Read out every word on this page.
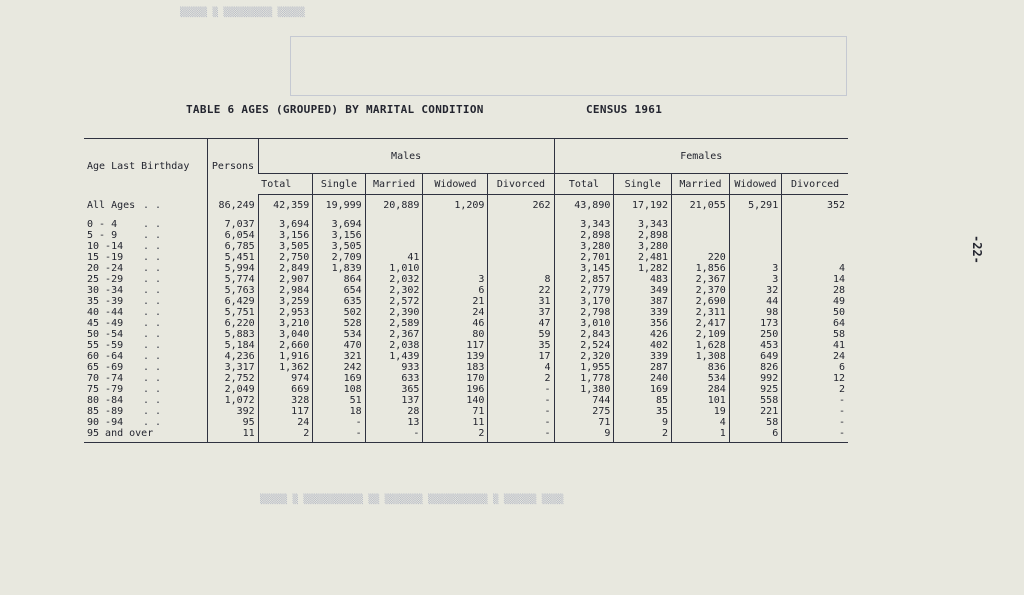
▒▒▒▒▒ ▒ ▒▒▒▒▒▒▒▒▒ ▒▒▒▒▒
▒▒▒▒▒ ▒ ▒▒▒▒▒▒▒▒▒▒▒ ▒▒ ▒▒▒▒▒▒▒ ▒▒▒▒▒▒▒▒▒▒▒ ▒ ▒▒▒▒▒▒ ▒▒▒▒
-22-
TABLE 6 AGES (GROUPED) BY MARITAL CONDITION	CENSUS 1961
Age Last Birthday	Persons	Males					Females				
		Total	Single	Married	Widowed	Divorced	Total	Single	Married	Widowed	Divorced
All Ages . .	86,249	42,359	19,999	20,889	1,209	262	43,890	17,192	21,055	5,291	352
0 - 4 . .	7,037	3,694	3,694				3,343	3,343			
5 - 9 . .	6,054	3,156	3,156				2,898	2,898			
10 -14 . .	6,785	3,505	3,505				3,280	3,280			
15 -19 . .	5,451	2,750	2,709	41			2,701	2,481	220		
20 -24 . .	5,994	2,849	1,839	1,010			3,145	1,282	1,856	3	4
25 -29 . .	5,774	2,907	864	2,032	3	8	2,857	483	2,367	3	14
30 -34 . .	5,763	2,984	654	2,302	6	22	2,779	349	2,370	32	28
35 -39 . .	6,429	3,259	635	2,572	21	31	3,170	387	2,690	44	49
40 -44 . .	5,751	2,953	502	2,390	24	37	2,798	339	2,311	98	50
45 -49 . .	6,220	3,210	528	2,589	46	47	3,010	356	2,417	173	64
50 -54 . .	5,883	3,040	534	2,367	80	59	2,843	426	2,109	250	58
55 -59 . .	5,184	2,660	470	2,038	117	35	2,524	402	1,628	453	41
60 -64 . .	4,236	1,916	321	1,439	139	17	2,320	339	1,308	649	24
65 -69 . .	3,317	1,362	242	933	183	4	1,955	287	836	826	6
70 -74 . .	2,752	974	169	633	170	2	1,778	240	534	992	12
75 -79 . .	2,049	669	108	365	196	-	1,380	169	284	925	2
80 -84 . .	1,072	328	51	137	140	-	744	85	101	558	-
85 -89 . .	392	117	18	28	71	-	275	35	19	221	-
90 -94 . .	95	24	-	13	11	-	71	9	4	58	-
95 and over	11	2	-	-	2	-	9	2	1	6	-
